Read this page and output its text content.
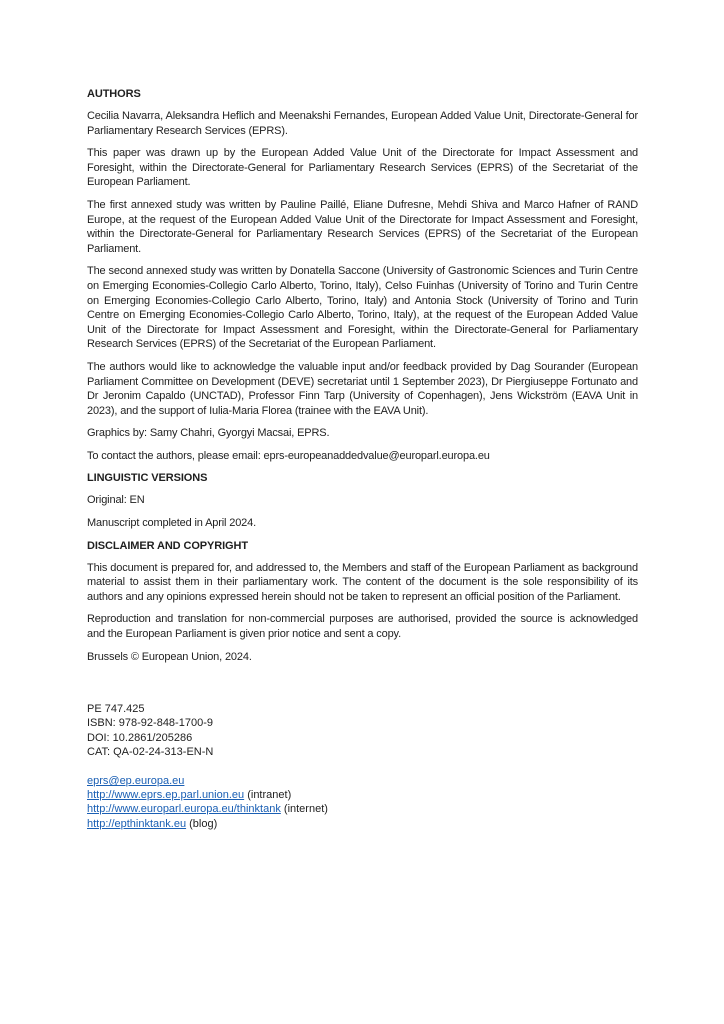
AUTHORS

Cecilia Navarra, Aleksandra Heflich and Meenakshi Fernandes, European Added Value Unit, Directorate-General for Parliamentary Research Services (EPRS).

This paper was drawn up by the European Added Value Unit of the Directorate for Impact Assessment and Foresight, within the Directorate-General for Parliamentary Research Services (EPRS) of the Secretariat of the European Parliament.

The first annexed study was written by Pauline Paillé, Eliane Dufresne, Mehdi Shiva and Marco Hafner of RAND Europe, at the request of the European Added Value Unit of the Directorate for Impact Assessment and Foresight, within the Directorate-General for Parliamentary Research Services (EPRS) of the Secretariat of the European Parliament.

The second annexed study was written by Donatella Saccone (University of Gastronomic Sciences and Turin Centre on Emerging Economies-Collegio Carlo Alberto, Torino, Italy), Celso Fuinhas (University of Torino and Turin Centre on Emerging Economies-Collegio Carlo Alberto, Torino, Italy) and Antonia Stock (University of Torino and Turin Centre on Emerging Economies-Collegio Carlo Alberto, Torino, Italy), at the request of the European Added Value Unit of the Directorate for Impact Assessment and Foresight, within the Directorate-General for Parliamentary Research Services (EPRS) of the Secretariat of the European Parliament.

The authors would like to acknowledge the valuable input and/or feedback provided by Dag Sourander (European Parliament Committee on Development (DEVE) secretariat until 1 September 2023), Dr Piergiuseppe Fortunato and Dr Jeronim Capaldo (UNCTAD), Professor Finn Tarp (University of Copenhagen), Jens Wickström (EAVA Unit in 2023), and the support of Iulia-Maria Florea (trainee with the EAVA Unit).

Graphics by: Samy Chahri, Gyorgyi Macsai, EPRS.

To contact the authors, please email: eprs-europeanaddedvalue@europarl.europa.eu

LINGUISTIC VERSIONS

Original: EN

Manuscript completed in April 2024.

DISCLAIMER AND COPYRIGHT

This document is prepared for, and addressed to, the Members and staff of the European Parliament as background material to assist them in their parliamentary work. The content of the document is the sole responsibility of its authors and any opinions expressed herein should not be taken to represent an official position of the Parliament.

Reproduction and translation for non-commercial purposes are authorised, provided the source is acknowledged and the European Parliament is given prior notice and sent a copy.

Brussels © European Union, 2024.

PE 747.425
ISBN: 978-92-848-1700-9
DOI: 10.2861/205286
CAT: QA-02-24-313-EN-N
eprs@ep.europa.eu
http://www.eprs.ep.parl.union.eu (intranet)
http://www.europarl.europa.eu/thinktank (internet)
http://epthinktank.eu (blog)
